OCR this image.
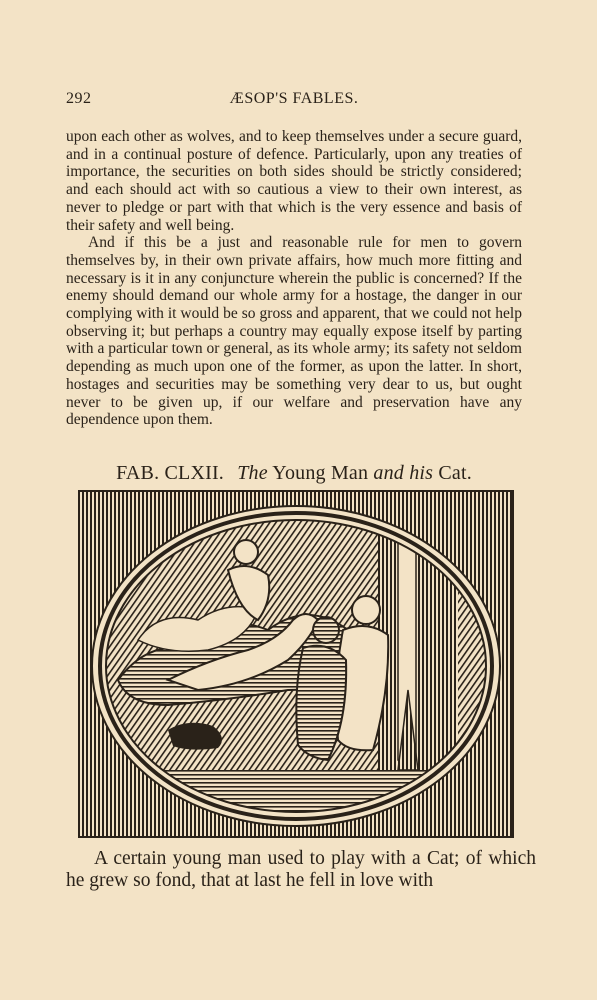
292	ÆSOP'S FABLES.

upon each other as wolves, and to keep themselves under a secure guard, and in a continual posture of defence. Particularly, upon any treaties of importance, the securities on both sides should be strictly considered; and each should act with so cautious a view to their own interest, as never to pledge or part with that which is the very essence and basis of their safety and well being.

And if this be a just and reasonable rule for men to govern themselves by, in their own private affairs, how much more fitting and necessary is it in any conjuncture wherein the public is concerned? If the enemy should demand our whole army for a hostage, the danger in our complying with it would be so gross and apparent, that we could not help observing it; but perhaps a country may equally expose itself by parting with a particular town or general, as its whole army; its safety not seldom depending as much upon one of the former, as upon the latter. In short, hostages and securities may be something very dear to us, but ought never to be given up, if our welfare and preservation have any dependence upon them.

FAB. CLXII. The Young Man and his Cat.

A certain young man used to play with a Cat; of which he grew so fond, that at last he fell in love with
